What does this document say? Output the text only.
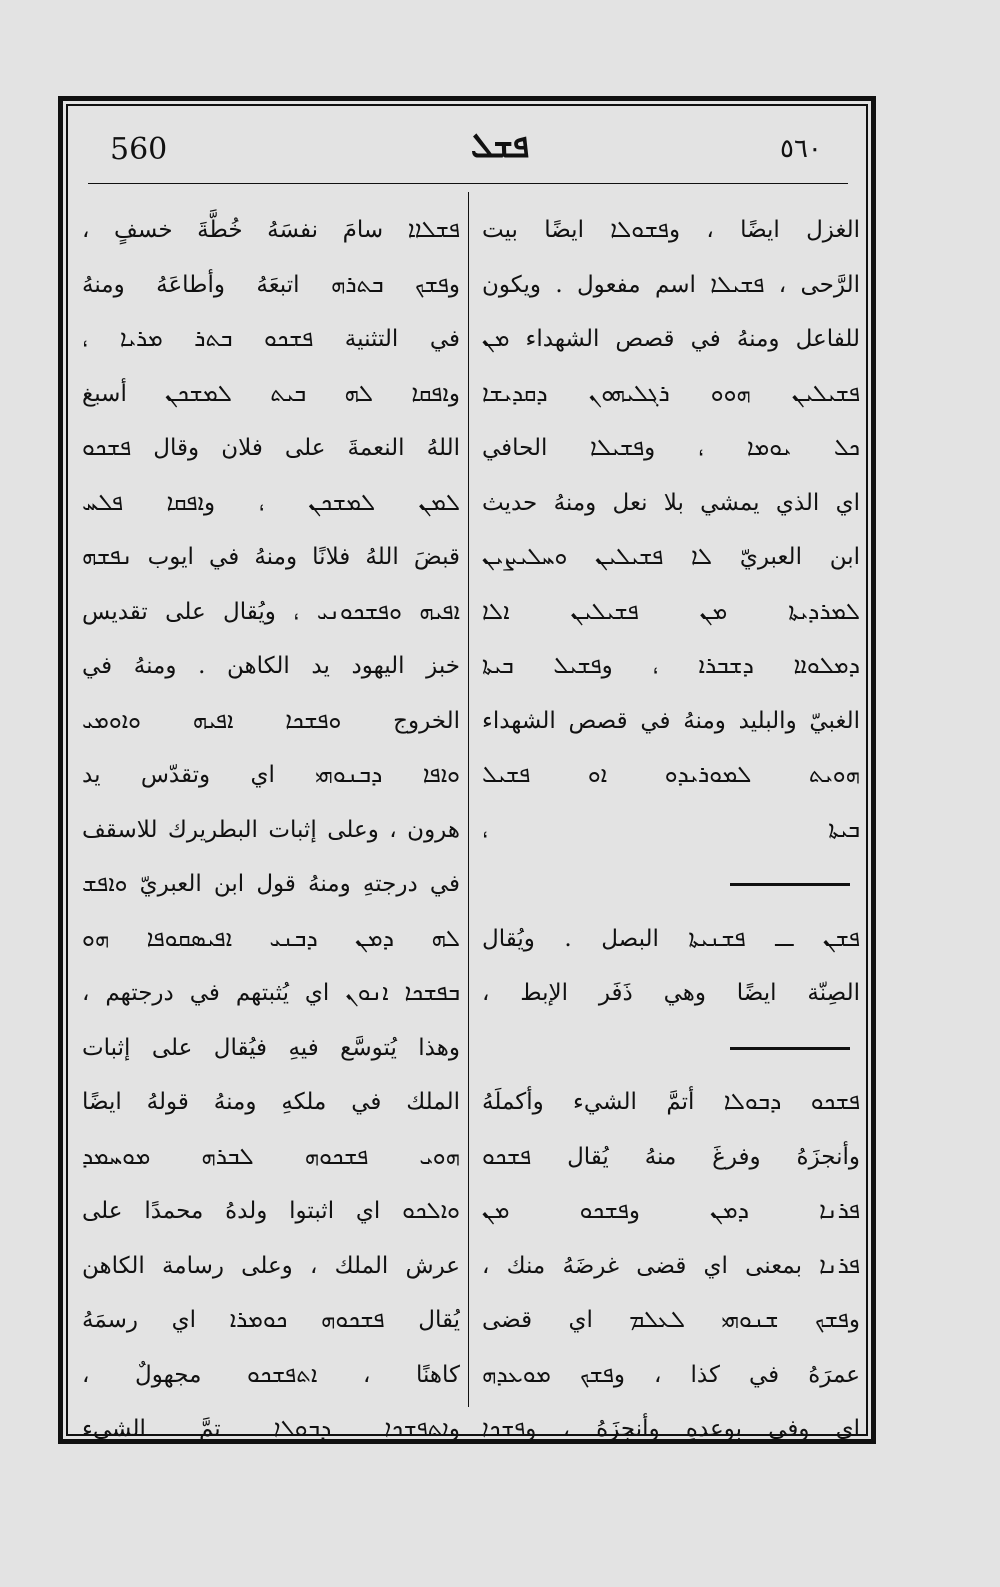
560	ܦܫܠ	٥٦٠
الغزل ايضًا ، وܦܫܘܠܐ ايضًا بيت
الرَّحى ، ܦܫܝܠܐ اسم مفعول . ويكون
للفاعل ومنهُ في قصص الشهداء ܡܢ
ܦܫܝܠܝܢ ܗܘܘ ܪܓܠܝܗܘܢ ܕܩܕܝܫܐ
ܟܠ ܝܘܡܐ ، وܦܫܝܠܐ الحافي
اي الذي يمشي بلا نعل ومنهُ حديث
ابن العبريّ ܠܐ ܦܫܝܠܝܢ ܘܚܠܝܨܝܢ
ܠܡܪܕܝܬܐ ܡܢ ܦܫܝܠܝܢ ܐܠܐ
ܕܡܠܘܐܐ ܕܫܒܪܐ ، وܦܫܝܠ ܒܝܬܐ
الغبيّ والبليد ومنهُ في قصص الشهداء
ܗܘܝܬ ܠܡܘܪܝܕܘ ܐܘ ܦܫܝܠ
ܒܝܬܐ ،
ܦܫܢ ــ ܦܫܢܝܬܐ البصل . ويُقال
الصِنّة ايضًا وهي ذَفَر الإبط ،
ܦܫܟܘ ܕܒܘܠܐ أتمَّ الشيء وأكملَهُ
وأنجزَهُ وفرغَ منهُ يُقال ܦܫܟܘ
ܦܪܢܐ ܕܡܢ وܦܫܟܘ ܡܢ
ܦܪܢܐ بمعنى اي قضى غرضَهُ منك ،
وܦܫܟ ܫܢܘܗܝ ܠܥܠܡ اي قضى
عمرَهُ في كذا ، وܦܫܟ ܡܘܥܕܗ
اي وفى بوعدهِ وأنجزَهُ ، وܦܫܟܐ
ܦܫܠܐܐ سامَ نفسَهُ خُطَّةَ خسفٍ ،
وܦܫܟ ܒܬܪܗ اتبعَهُ وأطاعَهُ ومنهُ
في التثنية ܦܫܟܘ ܒܬܪ ܡܪܝܐ ،
وܐܦܩܐ ܠܗ ܒܝܬ ܠܡܫܟܢ أسبغ
اللهُ النعمةَ على فلان وقال ܦܫܟܘ
ܠܡܢ ܠܡܫܟܢ ، وܐܦܩܐ ܦܠܚ
قبضَ اللهُ فلانًا ومنهُ في ايوب ܢܦܫܗ
ܐܦܝܗ ܘܦܫܟܘܢܝ ، ويُقال على تقديس
خبز اليهود يد الكاهن . ومنهُ في
الخروج ܘܦܫܟܐ ܐܦܝܗ ܘܐܘܡܝ
ܘܐܦܐ ܕܒܢܘܗܝ اي وتقدّس يد
هرون ، وعلى إثبات البطريرك للاسقف
في درجتهِ ومنهُ قول ابن العبريّ ܘܐܦܫ
ܠܗ ܕܡܢ ܕܒܢܝ ܐܦܝܣܩܘܦܐ ܗܘ
ܒܦܫܟܐ ܐܢܘܢ اي يُثبتهم في درجتهم ،
وهذا يُتوسَّع فيهِ فيُقال على إثبات
الملك في ملكهِ ومنهُ قولهُ ايضًا
ܗܘܝ ܦܫܟܘܗ ܠܒܪܗ ܡܘܚܡܕ
ܘܐܠܟܘ اي اثبتوا ولدهُ محمدًا على
عرش الملك ، وعلى رسامة الكاهن
يُقال ܦܫܟܘܗ ܟܘܡܪܐ اي رسمَهُ
كاهنًا ، ܐܬܦܫܟܘ مجهولٌ ،
وܐܬܦܫܟܐ ܕܒܘܠܐ تمَّ الشيء
